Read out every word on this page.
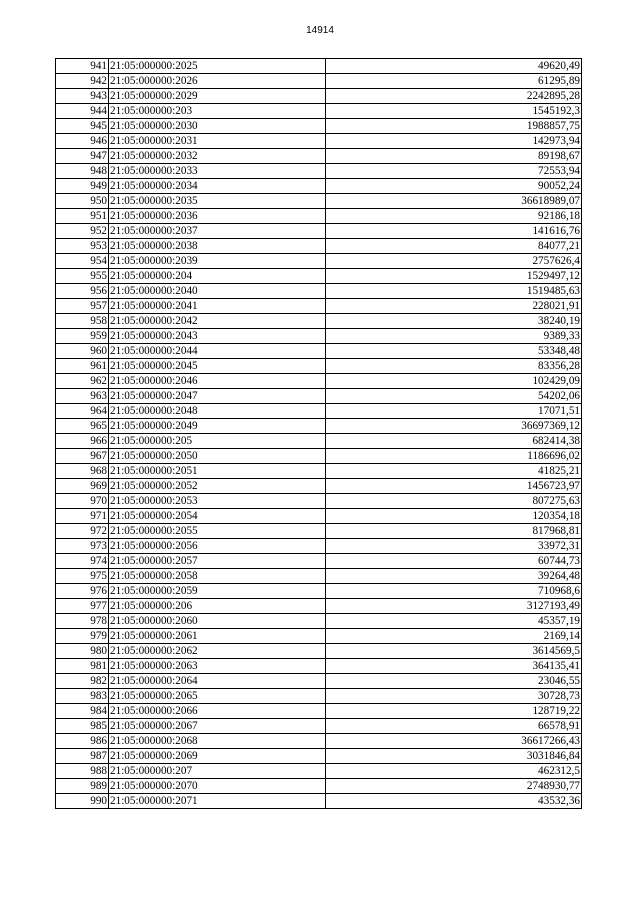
14914
941	21:05:000000:2025	49620,49
942	21:05:000000:2026	61295,89
943	21:05:000000:2029	2242895,28
944	21:05:000000:203	1545192,3
945	21:05:000000:2030	1988857,75
946	21:05:000000:2031	142973,94
947	21:05:000000:2032	89198,67
948	21:05:000000:2033	72553,94
949	21:05:000000:2034	90052,24
950	21:05:000000:2035	36618989,07
951	21:05:000000:2036	92186,18
952	21:05:000000:2037	141616,76
953	21:05:000000:2038	84077,21
954	21:05:000000:2039	2757626,4
955	21:05:000000:204	1529497,12
956	21:05:000000:2040	1519485,63
957	21:05:000000:2041	228021,91
958	21:05:000000:2042	38240,19
959	21:05:000000:2043	9389,33
960	21:05:000000:2044	53348,48
961	21:05:000000:2045	83356,28
962	21:05:000000:2046	102429,09
963	21:05:000000:2047	54202,06
964	21:05:000000:2048	17071,51
965	21:05:000000:2049	36697369,12
966	21:05:000000:205	682414,38
967	21:05:000000:2050	1186696,02
968	21:05:000000:2051	41825,21
969	21:05:000000:2052	1456723,97
970	21:05:000000:2053	807275,63
971	21:05:000000:2054	120354,18
972	21:05:000000:2055	817968,81
973	21:05:000000:2056	33972,31
974	21:05:000000:2057	60744,73
975	21:05:000000:2058	39264,48
976	21:05:000000:2059	710968,6
977	21:05:000000:206	3127193,49
978	21:05:000000:2060	45357,19
979	21:05:000000:2061	2169,14
980	21:05:000000:2062	3614569,5
981	21:05:000000:2063	364135,41
982	21:05:000000:2064	23046,55
983	21:05:000000:2065	30728,73
984	21:05:000000:2066	128719,22
985	21:05:000000:2067	66578,91
986	21:05:000000:2068	36617266,43
987	21:05:000000:2069	3031846,84
988	21:05:000000:207	462312,5
989	21:05:000000:2070	2748930,77
990	21:05:000000:2071	43532,36
